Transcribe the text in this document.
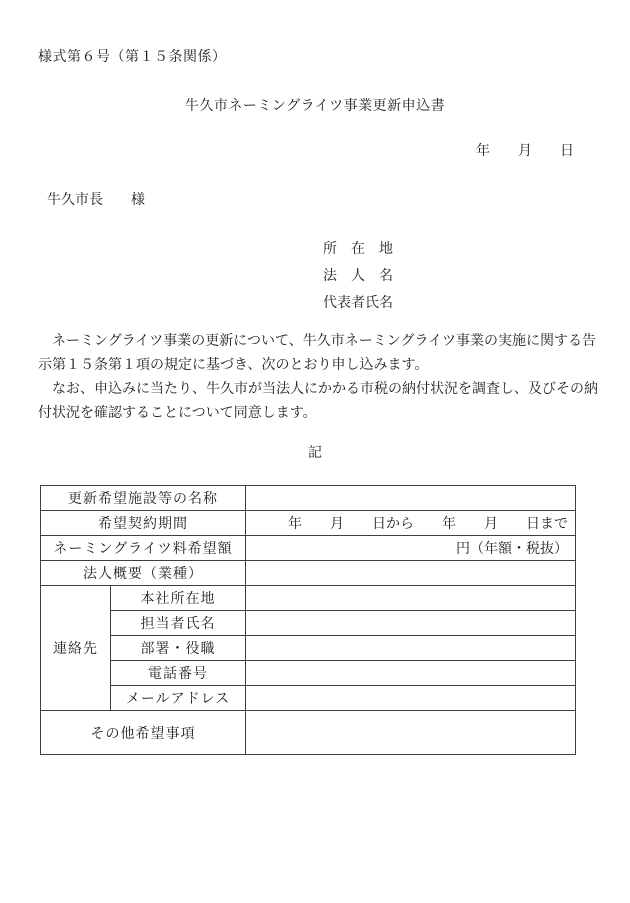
様式第６号（第１５条関係）
牛久市ネーミングライツ事業更新申込書
年　　月　　日
牛久市長 様
所　在　地
法　人　名
代表者氏名
　ネーミングライツ事業の更新について、牛久市ネーミングライツ事業の実施に関する告
示第１５条第１項の規定に基づき、次のとおり申し込みます。
　なお、申込みに当たり、牛久市が当法人にかかる市税の納付状況を調査し、及びその納
付状況を確認することについて同意します。
記
更新希望施設等の名称		
希望契約期間		年　　月　　日から　　年　　月　　日まで
ネーミングライツ料希望額		円（年額・税抜）
法人概要（業種）		
連絡先	本社所在地	
	担当者氏名	
	部署・役職	
	電話番号	
	メールアドレス	
その他希望事項		
